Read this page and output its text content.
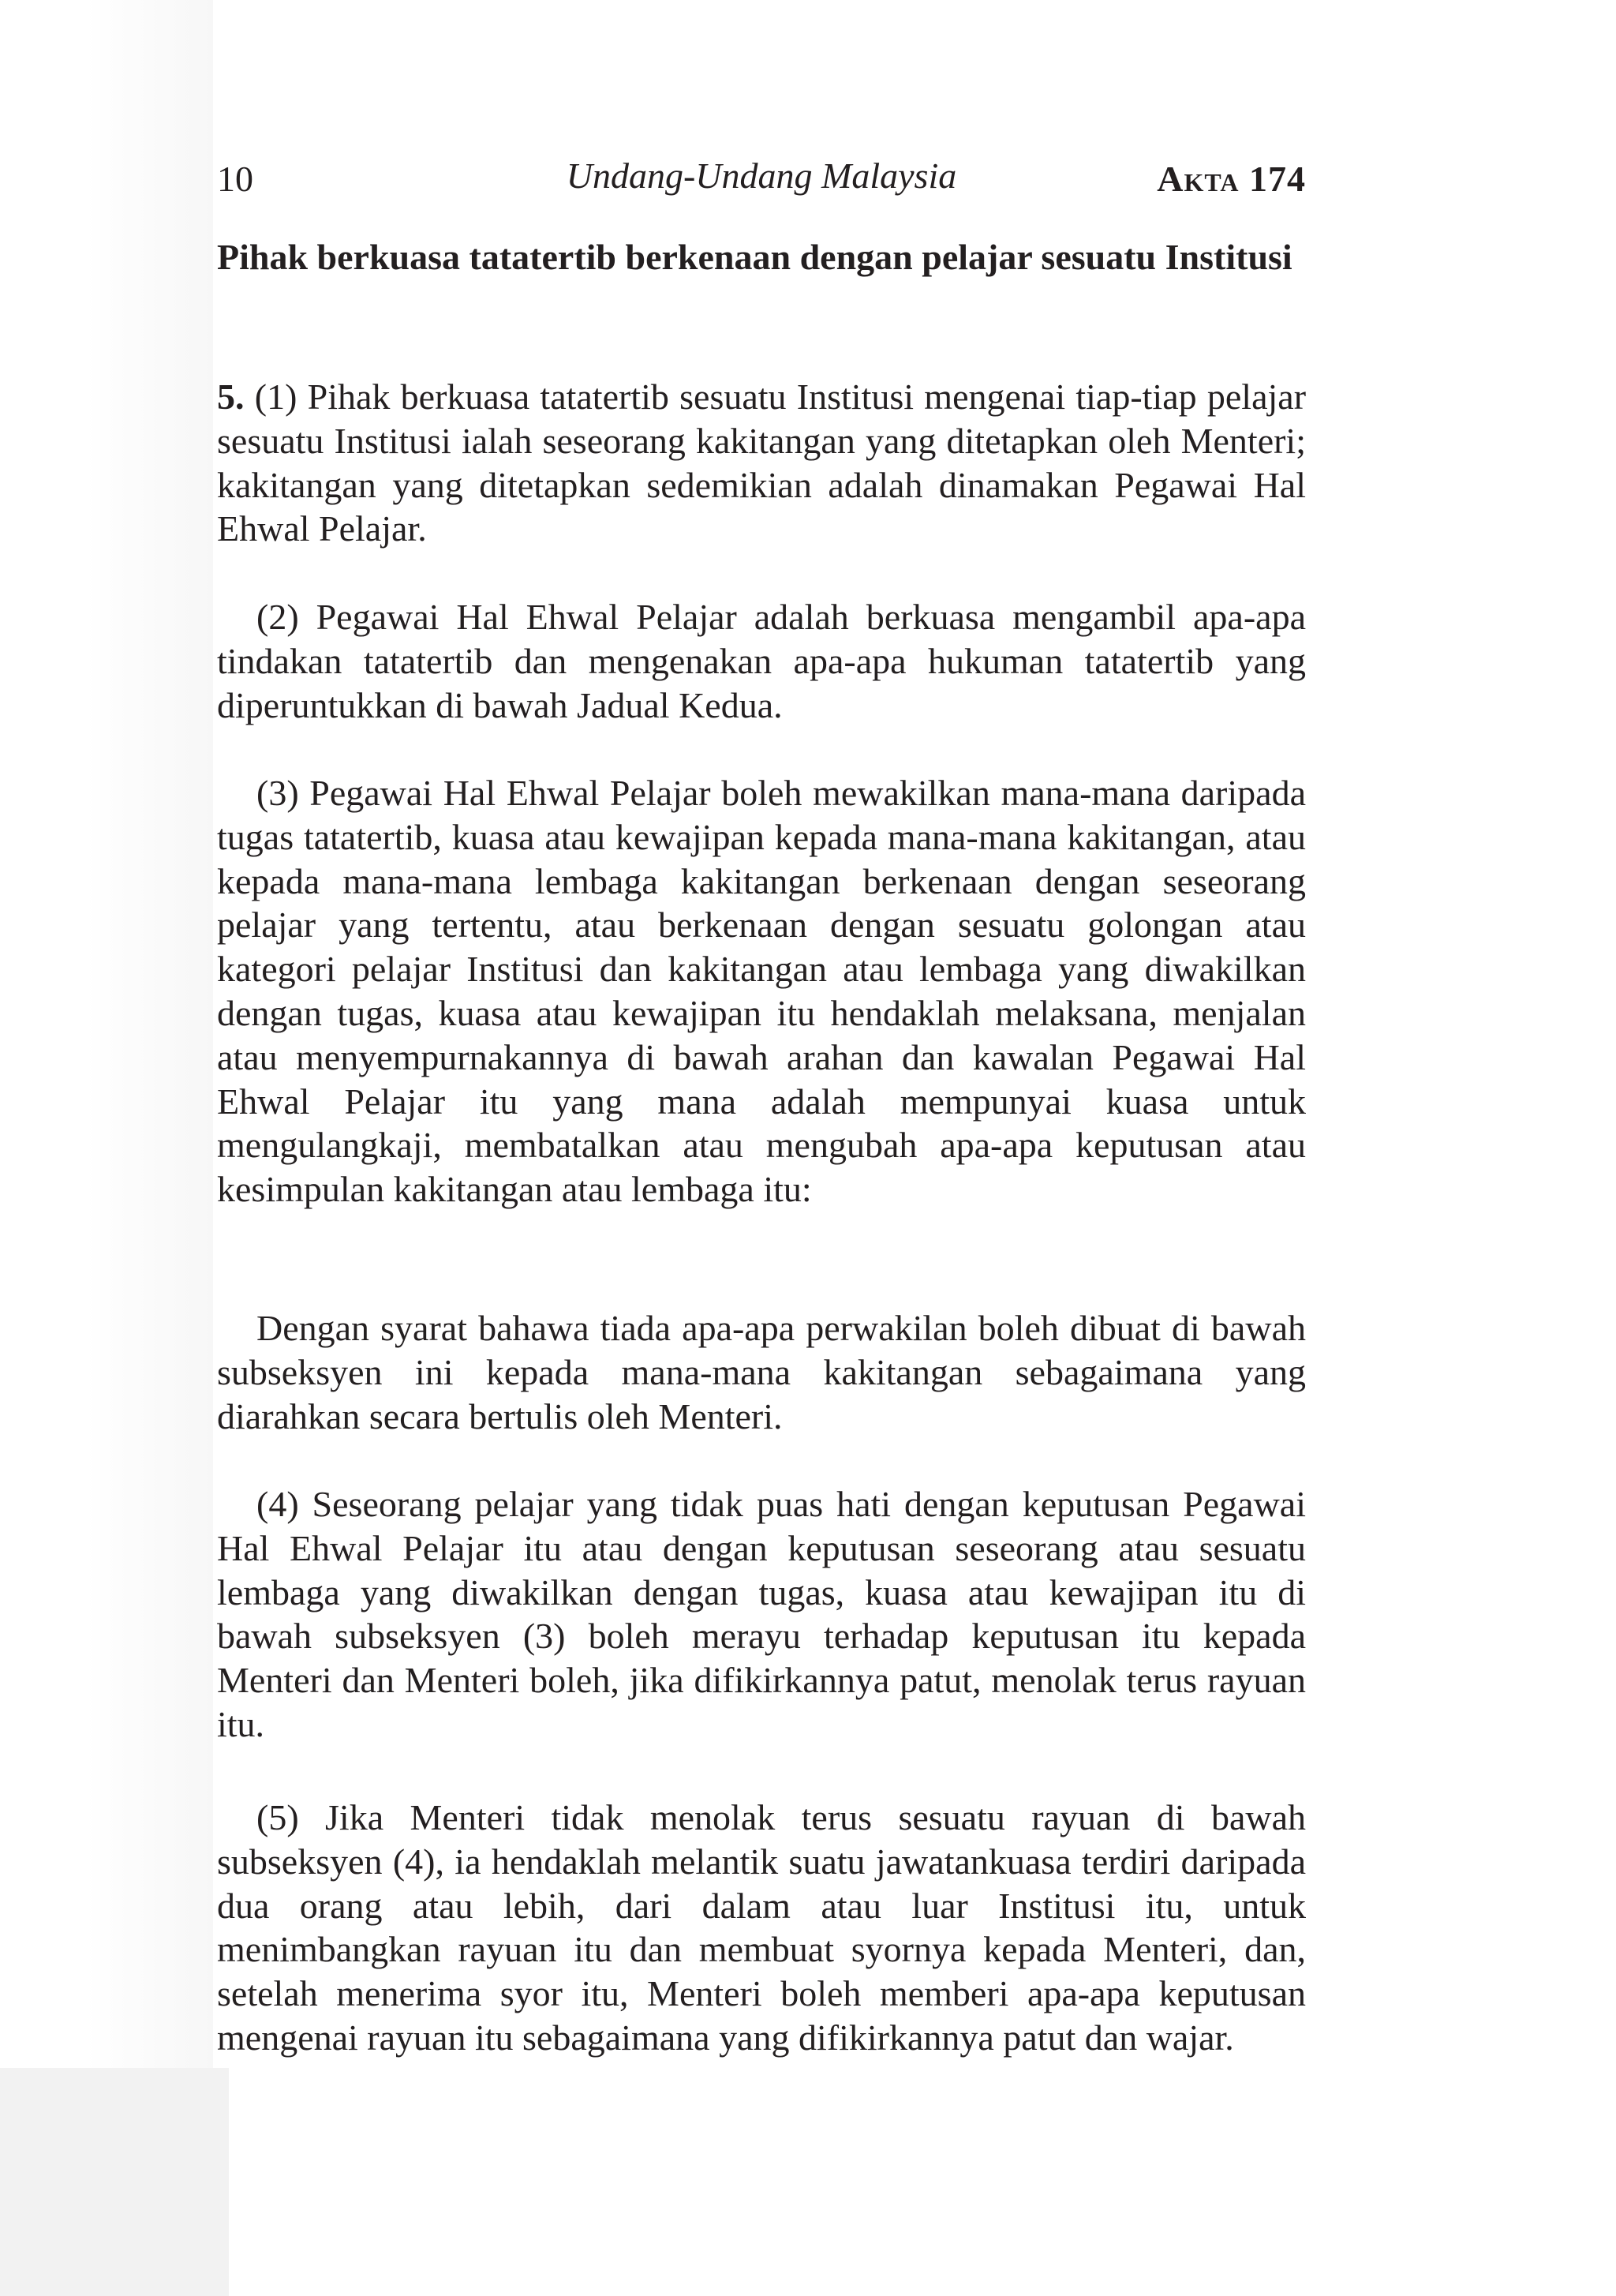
10	Undang-Undang Malaysia	Akta 174
Pihak berkuasa tatatertib berkenaan dengan pelajar sesuatu Institusi

5. (1) Pihak berkuasa tatatertib sesuatu Institusi mengenai tiap-tiap pelajar sesuatu Institusi ialah seseorang kakitangan yang ditetapkan oleh Menteri; kakitangan yang ditetapkan sedemikian adalah dinamakan Pegawai Hal Ehwal Pelajar.

(2) Pegawai Hal Ehwal Pelajar adalah berkuasa mengambil apa-apa tindakan tatatertib dan mengenakan apa-apa hukuman tatatertib yang diperuntukkan di bawah Jadual Kedua.

(3) Pegawai Hal Ehwal Pelajar boleh mewakilkan mana-mana daripada tugas tatatertib, kuasa atau kewajipan kepada mana-mana kakitangan, atau kepada mana-mana lembaga kakitangan berkenaan dengan seseorang pelajar yang tertentu, atau berkenaan dengan sesuatu golongan atau kategori pelajar Institusi dan kakitangan atau lembaga yang diwakilkan dengan tugas, kuasa atau kewajipan itu hendaklah melaksana, menjalan atau menyempurnakannya di bawah arahan dan kawalan Pegawai Hal Ehwal Pelajar itu yang mana adalah mempunyai kuasa untuk mengulangkaji, membatalkan atau mengubah apa-apa keputusan atau kesimpulan kakitangan atau lembaga itu:

Dengan syarat bahawa tiada apa-apa perwakilan boleh dibuat di bawah subseksyen ini kepada mana-mana kakitangan sebagaimana yang diarahkan secara bertulis oleh Menteri.

(4) Seseorang pelajar yang tidak puas hati dengan keputusan Pegawai Hal Ehwal Pelajar itu atau dengan keputusan seseorang atau sesuatu lembaga yang diwakilkan dengan tugas, kuasa atau kewajipan itu di bawah subseksyen (3) boleh merayu terhadap keputusan itu kepada Menteri dan Menteri boleh, jika difikirkannya patut, menolak terus rayuan itu.

(5) Jika Menteri tidak menolak terus sesuatu rayuan di bawah subseksyen (4), ia hendaklah melantik suatu jawatankuasa terdiri daripada dua orang atau lebih, dari dalam atau luar Institusi itu, untuk menimbangkan rayuan itu dan membuat syornya kepada Menteri, dan, setelah menerima syor itu, Menteri boleh memberi apa-apa keputusan mengenai rayuan itu sebagaimana yang difikirkannya patut dan wajar.
